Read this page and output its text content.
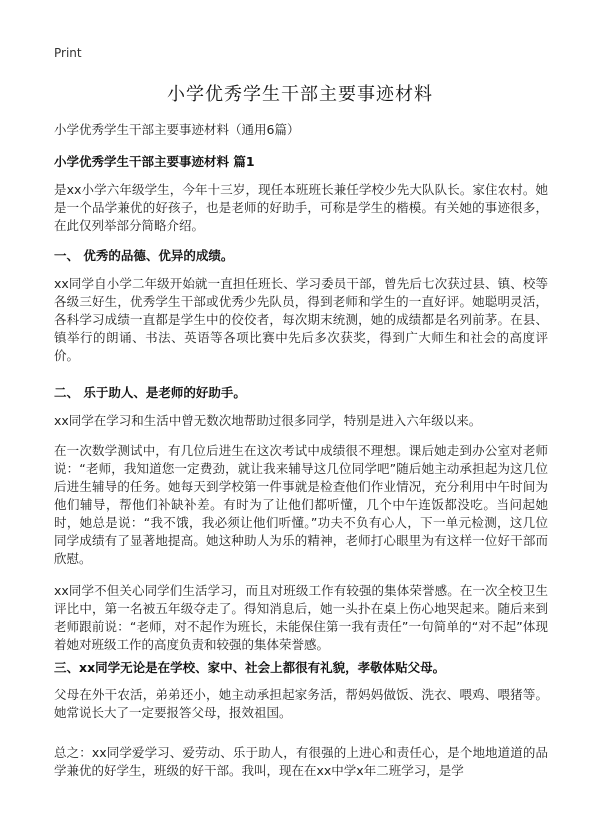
Print
小学优秀学生干部主要事迹材料
小学优秀学生干部主要事迹材料（通用6篇）
小学优秀学生干部主要事迹材料 篇1
是xx小学六年级学生，今年十三岁，现任本班班长兼任学校少先大队队长。家住农村。她是一个品学兼优的好孩子，也是老师的好助手，可称是学生的楷模。有关她的事迹很多，在此仅列举部分简略介绍。
一、 优秀的品德、优异的成绩。
xx同学自小学二年级开始就一直担任班长、学习委员干部，曾先后七次获过县、镇、校等各级三好生，优秀学生干部或优秀少先队员，得到老师和学生的一直好评。她聪明灵活，各科学习成绩一直都是学生中的佼佼者，每次期末统测，她的成绩都是名列前茅。在县、镇举行的朗诵、书法、英语等各项比赛中先后多次获奖，得到广大师生和社会的高度评价。
二、 乐于助人、是老师的好助手。
xx同学在学习和生活中曾无数次地帮助过很多同学，特别是进入六年级以来。
在一次数学测试中，有几位后进生在这次考试中成绩很不理想。课后她走到办公室对老师说：“老师，我知道您一定费劲，就让我来辅导这几位同学吧”随后她主动承担起为这几位后进生辅导的任务。她每天到学校第一件事就是检查他们作业情况，充分利用中午时间为他们辅导，帮他们补缺补差。有时为了让他们都听懂，几个中午连饭都没吃。当问起她时，她总是说：“我不饿，我必须让他们听懂。”功夫不负有心人，下一单元检测，这几位同学成绩有了显著地提高。她这种助人为乐的精神，老师打心眼里为有这样一位好干部而欣慰。
xx同学不但关心同学们生活学习，而且对班级工作有较强的集体荣誉感。在一次全校卫生评比中，第一名被五年级夺走了。得知消息后，她一头扑在桌上伤心地哭起来。随后来到老师跟前说：“老师，对不起作为班长，未能保住第一我有责任”一句简单的“对不起”体现着她对班级工作的高度负责和较强的集体荣誉感。
三、xx同学无论是在学校、家中、社会上都很有礼貌，孝敬体贴父母。
父母在外干农活，弟弟还小，她主动承担起家务活，帮妈妈做饭、洗衣、喂鸡、喂猪等。她常说长大了一定要报答父母，报效祖国。
总之：xx同学爱学习、爱劳动、乐于助人，有很强的上进心和责任心，是个地地道道的品学兼优的好学生，班级的好干部。我叫，现在在xx中学x年二班学习，是学
